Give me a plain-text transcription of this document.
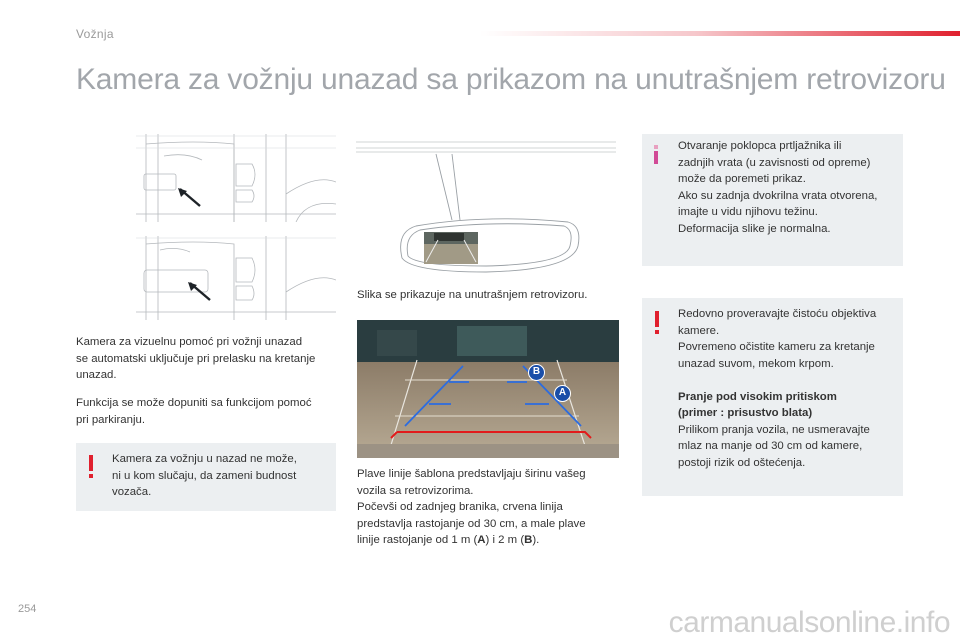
Vožnja
Kamera za vožnju unazad sa prikazom na unutrašnjem retrovizoru
Kamera za vizuelnu pomoć pri vožnji unazad
se automatski uključuje pri prelasku na kretanje
unazad.
Funkcija se može dopuniti sa funkcijom pomoć
pri parkiranju.
Kamera za vožnju u nazad ne može,
ni u kom slučaju, da zameni budnost
vozača.
Slika se prikazuje na unutrašnjem retrovizoru.
B
A
Plave linije šablona predstavljaju širinu vašeg
vozila sa retrovizorima.
Počevši od zadnjeg branika, crvena linija
predstavlja rastojanje od 30 cm, a male plave
linije rastojanje od 1 m (A) i 2 m (B).
Otvaranje poklopca prtljažnika ili
zadnjih vrata (u zavisnosti od opreme)
može da poremeti prikaz.
Ako su zadnja dvokrilna vrata otvorena,
imajte u vidu njihovu težinu.
Deformacija slike je normalna.
Redovno proveravajte čistoću objektiva
kamere.
Povremeno očistite kameru za kretanje
unazad suvom, mekom krpom.
Pranje pod visokim pritiskom
(primer : prisustvo blata)
Prilikom pranja vozila, ne usmeravajte
mlaz na manje od 30 cm od kamere,
postoji rizik od oštećenja.
254	carmanualsonline.info
